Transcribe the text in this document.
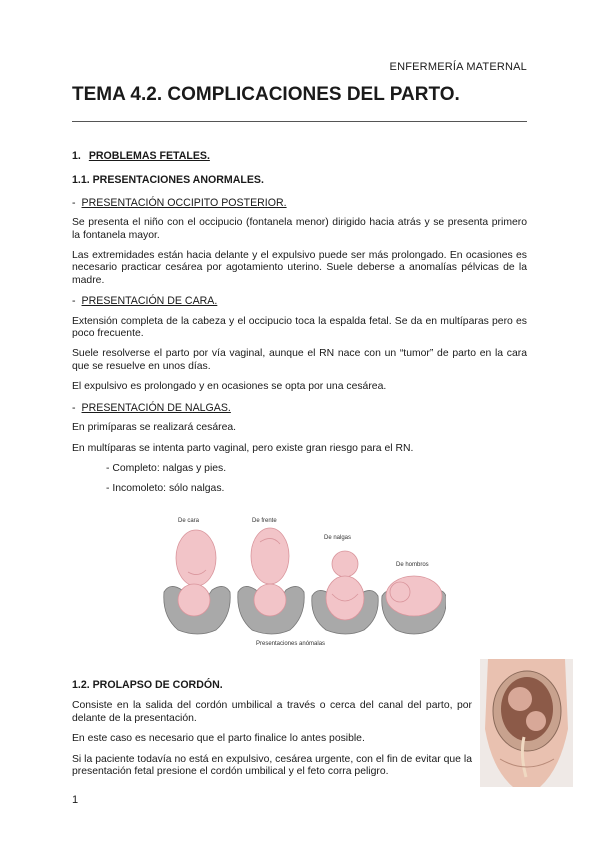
ENFERMERÍA MATERNAL
TEMA 4.2. COMPLICACIONES DEL PARTO.
1. PROBLEMAS FETALES.
1.1. PRESENTACIONES ANORMALES.
- PRESENTACIÓN OCCIPITO POSTERIOR.

Se presenta el niño con el occipucio (fontanela menor) dirigido hacia atrás y se presenta primero la fontanela mayor.

Las extremidades están hacia delante y el expulsivo puede ser más prolongado. En ocasiones es necesario practicar cesárea por agotamiento uterino. Suele deberse a anomalías pélvicas de la madre.

- PRESENTACIÓN DE CARA.

Extensión completa de la cabeza y el occipucio toca la espalda fetal. Se da en multíparas pero es poco frecuente.

Suele resolverse el parto por vía vaginal, aunque el RN nace con un “tumor” de parto en la cara que se resuelve en unos días.

El expulsivo es prolongado y en ocasiones se opta por una cesárea.

- PRESENTACIÓN DE NALGAS.

En primíparas se realizará cesárea.

En multíparas se intenta parto vaginal, pero existe gran riesgo para el RN.

- Completo: nalgas y pies.
- Incomoleto: sólo nalgas.
De cara	De frente
De nalgas
De hombros
Presentaciones anómalas
1.2. PROLAPSO DE CORDÓN.

Consiste en la salida del cordón umbilical a través o cerca del canal del parto, por delante de la presentación.

En este caso es necesario que el parto finalice lo antes posible.

Si la paciente todavía no está en expulsivo, cesárea urgente, con el fin de evitar que la presentación fetal presione el cordón umbilical y el feto corra peligro.

1
